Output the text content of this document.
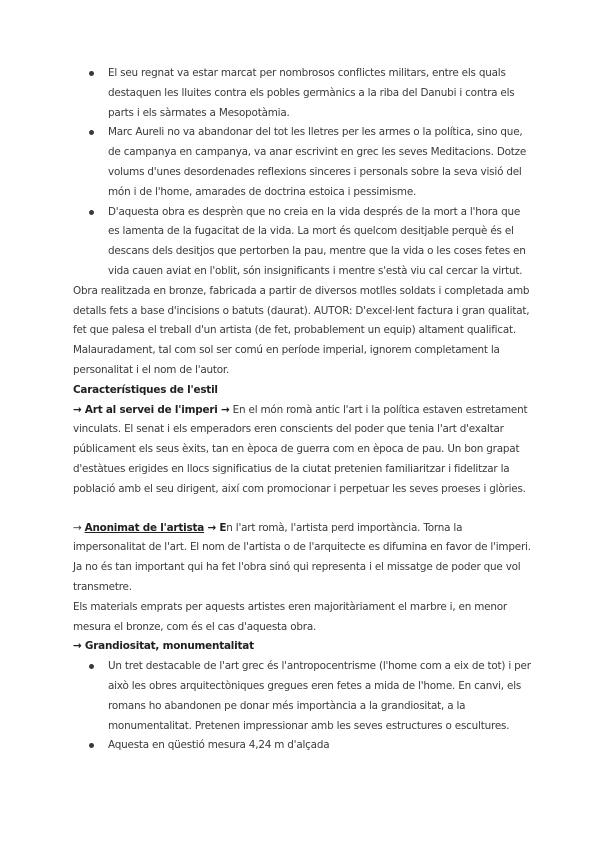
El seu regnat va estar marcat per nombrosos conflictes militars, entre els quals destaquen les lluites contra els pobles germànics a la riba del Danubi i contra els parts i els sàrmates a Mesopotàmia.
Marc Aureli no va abandonar del tot les lletres per les armes o la política, sino que, de campanya en campanya, va anar escrivint en grec les seves Meditacions. Dotze volums d'unes desordenades reflexions sinceres i personals sobre la seva visió del món i de l'home, amarades de doctrina estoica i pessimisme.
D'aquesta obra es desprèn que no creia en la vida després de la mort a l'hora que es lamenta de la fugacitat de la vida. La mort és quelcom desitjable perquè és el descans dels desitjos que pertorben la pau, mentre que la vida o les coses fetes en vida cauen aviat en l'oblit, són insignificants i mentre s'està viu cal cercar la virtut.

Obra realitzada en bronze, fabricada a partir de diversos motlles soldats i completada amb detalls fets a base d'incisions o batuts (daurat). AUTOR: D'excel·lent factura i gran qualitat, fet que palesa el treball d'un artista (de fet, probablement un equip) altament qualificat. Malauradament, tal com sol ser comú en període imperial, ignorem completament la personalitat i el nom de l'autor.

Característiques de l'estil

→ Art al servei de l'imperi → En el món romà antic l'art i la política estaven estretament vinculats. El senat i els emperadors eren conscients del poder que tenia l'art d'exaltar públicament els seus èxits, tan en època de guerra com en època de pau. Un bon grapat d'estàtues erigides en llocs significatius de la ciutat pretenien familiaritzar i fidelitzar la població amb el seu dirigent, així com promocionar i perpetuar les seves proeses i glòries.

→ Anonimat de l'artista → En l'art romà, l'artista perd importància. Torna la impersonalitat de l'art. El nom de l'artista o de l'arquitecte es difumina en favor de l'imperi. Ja no és tan important qui ha fet l'obra sinó qui representa i el missatge de poder que vol transmetre.

Els materials emprats per aquests artistes eren majoritàriament el marbre i, en menor mesura el bronze, com és el cas d'aquesta obra.

→ Grandiositat, monumentalitat

Un tret destacable de l'art grec és l'antropocentrisme (l'home com a eix de tot) i per això les obres arquitectòniques gregues eren fetes a mida de l'home. En canvi, els romans ho abandonen pe donar més importància a la grandiositat, a la monumentalitat. Pretenen impressionar amb les seves estructures o escultures.
Aquesta en qüestió mesura 4,24 m d'alçada
